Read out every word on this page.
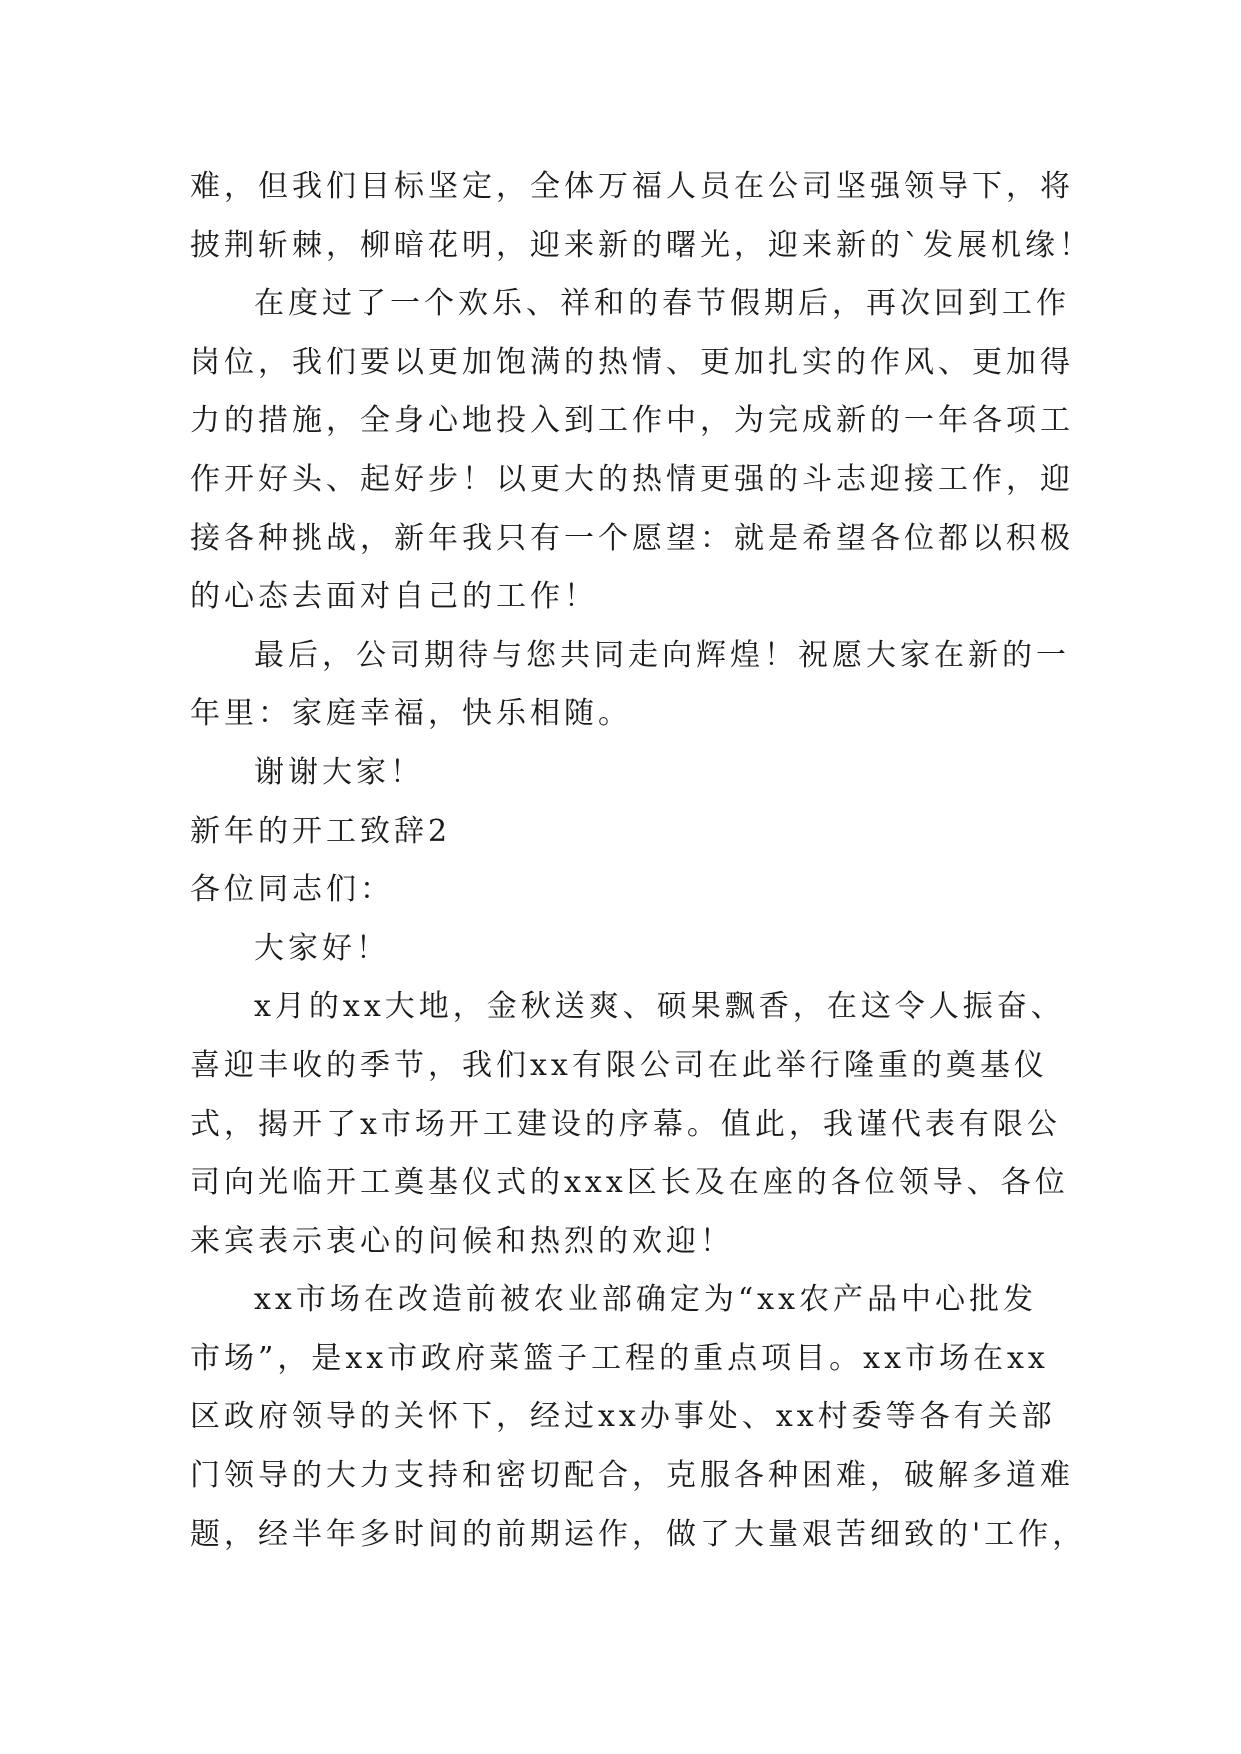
难，但我们目标坚定，全体万福人员在公司坚强领导下，将
披荆斩棘，柳暗花明，迎来新的曙光，迎来新的`发展机缘！
在度过了一个欢乐、祥和的春节假期后，再次回到工作
岗位，我们要以更加饱满的热情、更加扎实的作风、更加得
力的措施，全身心地投入到工作中，为完成新的一年各项工
作开好头、起好步！以更大的热情更强的斗志迎接工作，迎
接各种挑战，新年我只有一个愿望：就是希望各位都以积极
的心态去面对自己的工作！
最后，公司期待与您共同走向辉煌！祝愿大家在新的一
年里：家庭幸福，快乐相随。
谢谢大家！
新年的开工致辞2
各位同志们：
大家好！
x月的xx大地，金秋送爽、硕果飘香，在这令人振奋、
喜迎丰收的季节，我们xx有限公司在此举行隆重的奠基仪
式，揭开了x市场开工建设的序幕。值此，我谨代表有限公
司向光临开工奠基仪式的xxx区长及在座的各位领导、各位
来宾表示衷心的问候和热烈的欢迎！
xx市场在改造前被农业部确定为“xx农产品中心批发
市场”，是xx市政府菜篮子工程的重点项目。xx市场在xx
区政府领导的关怀下，经过xx办事处、xx村委等各有关部
门领导的大力支持和密切配合，克服各种困难，破解多道难
题，经半年多时间的前期运作，做了大量艰苦细致的'工作，
